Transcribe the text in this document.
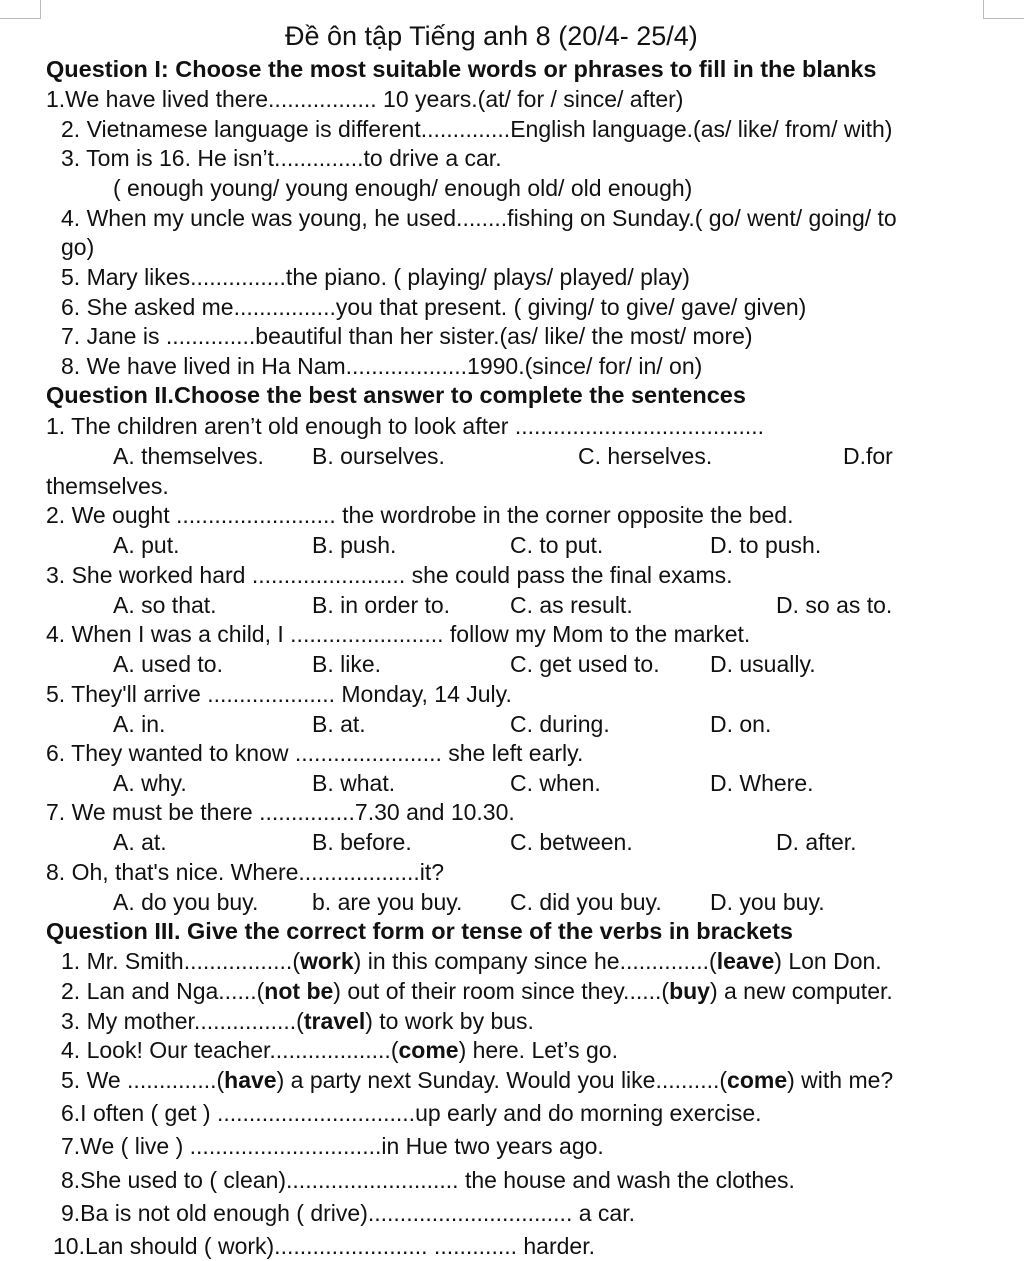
Đề ôn tập Tiếng anh 8 (20/4- 25/4)
Question I: Choose the most suitable words or phrases to fill in the blanks
1.We have lived there................. 10 years.(at/ for / since/ after)
2. Vietnamese language is different..............English language.(as/ like/ from/ with)
3. Tom is 16. He isn’t..............to drive a car.
( enough young/ young enough/ enough old/ old enough)
4. When my uncle was young, he used........fishing on Sunday.( go/ went/ going/ to
go)
5. Mary likes...............the piano. ( playing/ plays/ played/ play)
6. She asked me................you that present. ( giving/ to give/ gave/ given)
7. Jane is ..............beautiful than her sister.(as/ like/ the most/ more)
8. We have lived in Ha Nam...................1990.(since/ for/ in/ on)
Question II.Choose the best answer to complete the sentences
1. The children aren’t old enough to look after .......................................
A. themselves. B. ourselves.	C. herselves.	D.for
themselves.
2. We ought ......................... the wordrobe in the corner opposite the bed.
A. put.	B. push.	C. to put.	D. to push.
3. She worked hard ........................ she could pass the final exams.
A. so that.	B. in order to.	C. as result.	D. so as to.
4. When I was a child, I ........................ follow my Mom to the market.
A. used to.	B. like.	C. get used to. D. usually.
5. They'll arrive .................... Monday, 14 July.
A. in.	B. at.	C. during.	D. on.
6. They wanted to know ....................... she left early.
A. why.	B. what.	C. when.	D. Where.
7. We must be there ...............7.30 and 10.30.
A. at.	B. before.	C. between.	D. after.
8. Oh, that's nice. Where...................it?
A. do you buy. b. are you buy. C. did you buy. D. you buy.
Question III. Give the correct form or tense of the verbs in brackets
1. Mr. Smith.................(work) in this company since he..............(leave) Lon Don.
2. Lan and Nga......(not be) out of their room since they......(buy) a new computer.
3. My mother................(travel) to work by bus.
4. Look! Our teacher...................(come) here. Let’s go.
5. We ..............(have) a party next Sunday. Would you like..........(come) with me?
6.I often ( get ) ...............................up early and do morning exercise.
7.We ( live ) ..............................in Hue two years ago.
8.She used to ( clean)........................... the house and wash the clothes.
9.Ba is not old enough ( drive)................................ a car.
10.Lan should ( work)........................ ............. harder.
